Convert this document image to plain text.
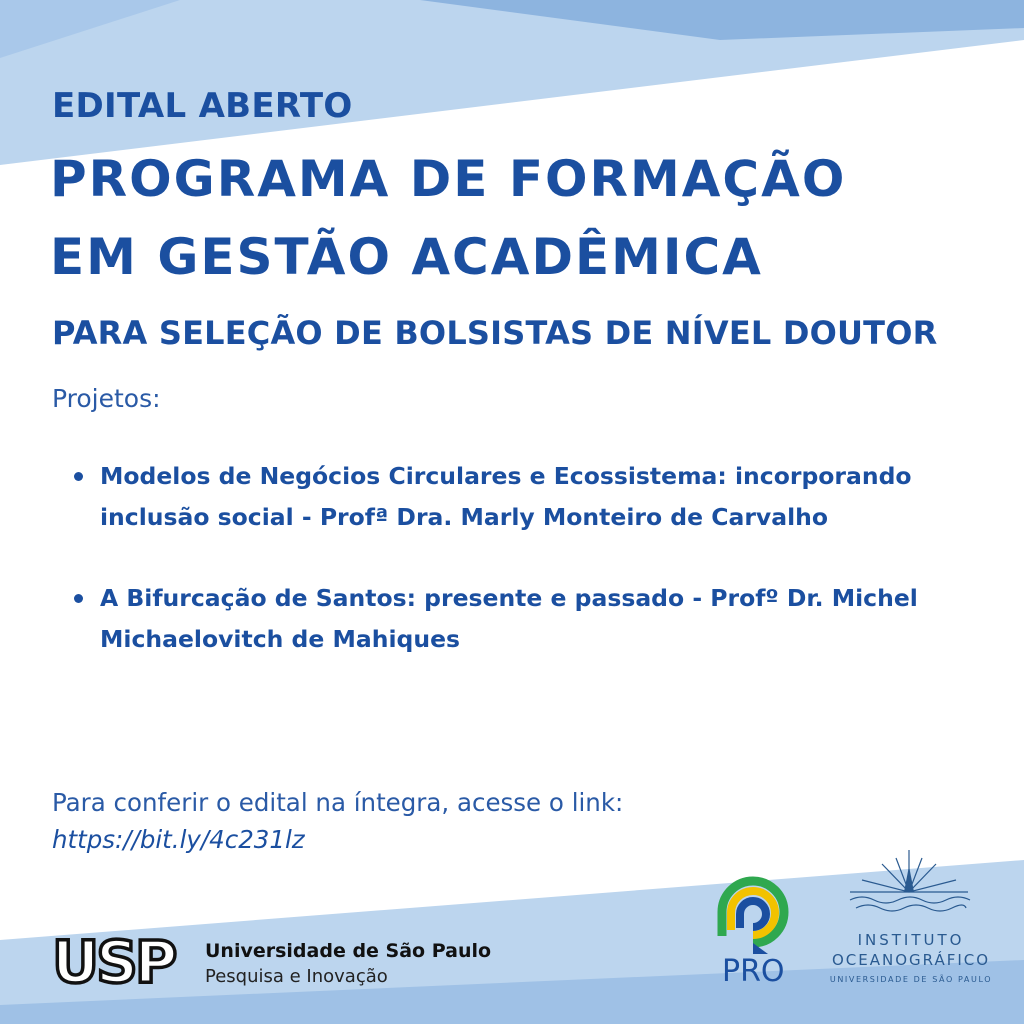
EDITAL ABERTO
PROGRAMA DE FORMAÇÃO
EM GESTÃO ACADÊMICA
PARA SELEÇÃO DE BOLSISTAS DE NÍVEL DOUTOR
Projetos:
Modelos de Negócios Circulares e Ecossistema: incorporando inclusão social - Profª Dra. Marly Monteiro de Carvalho
A Bifurcação de Santos: presente e passado - Profº Dr. Michel Michaelovitch de Mahiques
Para conferir o edital na íntegra, acesse o link:
https://bit.ly/4c231lz
USP Universidade de São Paulo
Pesquisa e Inovação	PRO
INSTITUTO
OCEANOGRÁFICO
UNIVERSIDADE DE SÃO PAULO
